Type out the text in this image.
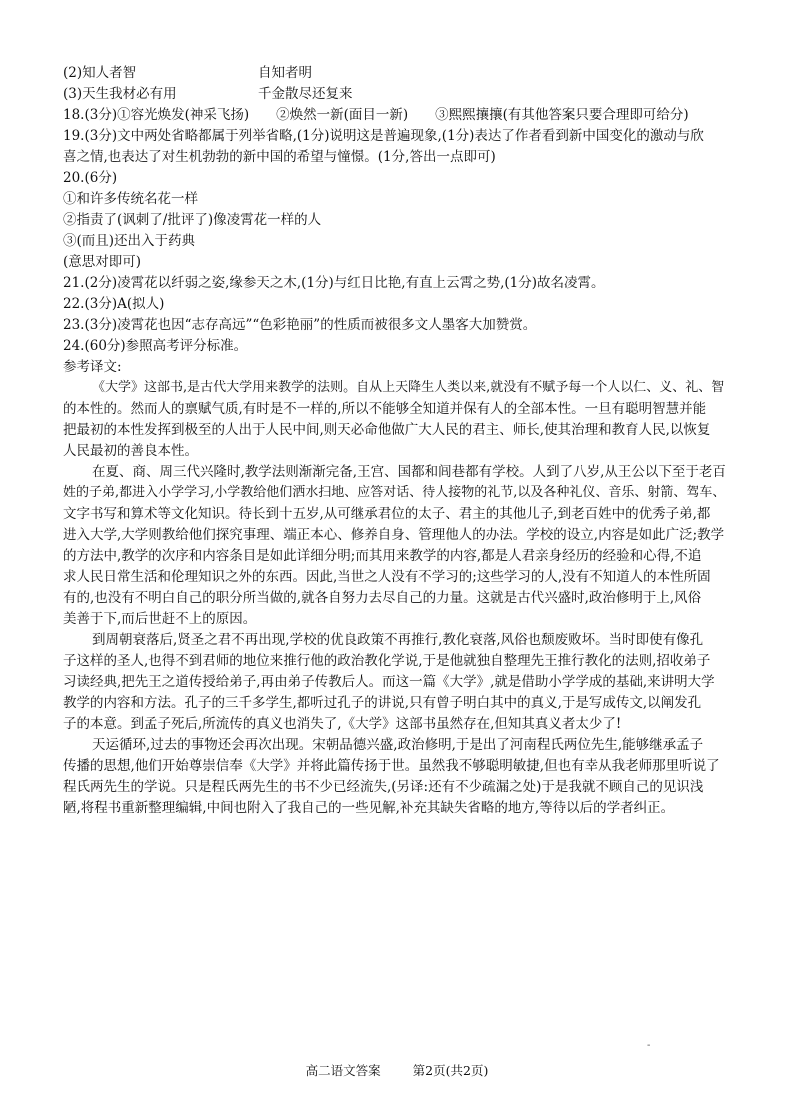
(2)知人者智	自知者明
(3)天生我材必有用	千金散尽还复来
18.(3分)①容光焕发(神采飞扬)　　②焕然一新(面目一新)　　③熙熙攘攘(有其他答案只要合理即可给分)
19.(3分)文中两处省略都属于列举省略,(1分)说明这是普遍现象,(1分)表达了作者看到新中国变化的激动与欣
喜之情,也表达了对生机勃勃的新中国的希望与憧憬。(1分,答出一点即可)
20.(6分)
①和许多传统名花一样
②指责了(讽刺了/批评了)像凌霄花一样的人
③(而且)还出入于药典
(意思对即可)
21.(2分)凌霄花以纤弱之姿,缘参天之木,(1分)与红日比艳,有直上云霄之势,(1分)故名凌霄。
22.(3分)A(拟人)
23.(3分)凌霄花也因“志存高远”“色彩艳丽”的性质而被很多文人墨客大加赞赏。
24.(60分)参照高考评分标准。
参考译文:
《大学》这部书,是古代大学用来教学的法则。自从上天降生人类以来,就没有不赋予每一个人以仁、义、礼、智
的本性的。然而人的禀赋气质,有时是不一样的,所以不能够全知道并保有人的全部本性。一旦有聪明智慧并能
把最初的本性发挥到极至的人出于人民中间,则天必命他做广大人民的君主、师长,使其治理和教育人民,以恢复
人民最初的善良本性。
在夏、商、周三代兴隆时,教学法则渐渐完备,王宫、国都和闾巷都有学校。人到了八岁,从王公以下至于老百
姓的子弟,都进入小学学习,小学教给他们洒水扫地、应答对话、待人接物的礼节,以及各种礼仪、音乐、射箭、驾车、
文字书写和算术等文化知识。待长到十五岁,从可继承君位的太子、君主的其他儿子,到老百姓中的优秀子弟,都
进入大学,大学则教给他们探究事理、端正本心、修养自身、管理他人的办法。学校的设立,内容是如此广泛;教学
的方法中,教学的次序和内容条目是如此详细分明;而其用来教学的内容,都是人君亲身经历的经验和心得,不追
求人民日常生活和伦理知识之外的东西。因此,当世之人没有不学习的;这些学习的人,没有不知道人的本性所固
有的,也没有不明白自己的职分所当做的,就各自努力去尽自己的力量。这就是古代兴盛时,政治修明于上,风俗
美善于下,而后世赶不上的原因。
到周朝衰落后,贤圣之君不再出现,学校的优良政策不再推行,教化衰落,风俗也颓废败坏。当时即使有像孔
子这样的圣人,也得不到君师的地位来推行他的政治教化学说,于是他就独自整理先王推行教化的法则,招收弟子
习读经典,把先王之道传授给弟子,再由弟子传教后人。而这一篇《大学》,就是借助小学学成的基础,来讲明大学
教学的内容和方法。孔子的三千多学生,都听过孔子的讲说,只有曾子明白其中的真义,于是写成传文,以阐发孔
子的本意。到孟子死后,所流传的真义也消失了,《大学》这部书虽然存在,但知其真义者太少了!
天运循环,过去的事物还会再次出现。宋朝品德兴盛,政治修明,于是出了河南程氏两位先生,能够继承孟子
传播的思想,他们开始尊崇信奉《大学》并将此篇传扬于世。虽然我不够聪明敏捷,但也有幸从我老师那里听说了
程氏两先生的学说。只是程氏两先生的书不少已经流失,(另译:还有不少疏漏之处)于是我就不顾自己的见识浅
陋,将程书重新整理编辑,中间也附入了我自己的一些见解,补充其缺失省略的地方,等待以后的学者纠正。
-
高二语文答案	第2页(共2页)
